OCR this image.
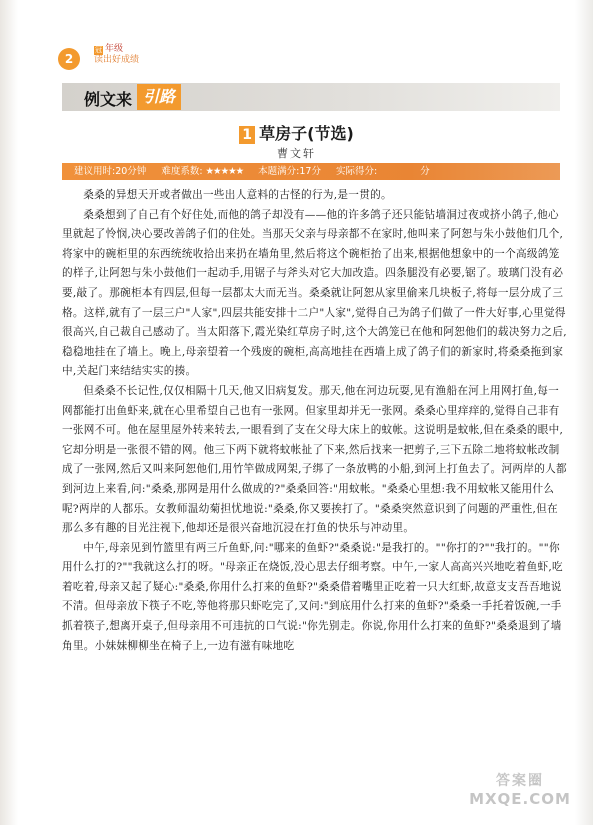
2
冠 年级
读出好成绩
例文来 引路
1 草房子(节选)
曹文轩
建议用时:20分钟 难度系数: ★★★★★ 本题满分:17分 实际得分:	分

桑桑的异想天开或者做出一些出人意料的古怪的行为,是一贯的。

桑桑想到了自己有个好住处,而他的鸽子却没有——他的许多鸽子还只能钻墙洞过夜或挤小鸽子,他心里就起了怜悯,决心要改善鸽子们的住处。当那天父亲与母亲都不在家时,他叫来了阿恕与朱小鼓他们几个,将家中的碗柜里的东西统统收拾出来扔在墙角里,然后将这个碗柜抬了出来,根据他想象中的一个高级鸽笼的样子,让阿恕与朱小鼓他们一起动手,用锯子与斧头对它大加改造。四条腿没有必要,锯了。玻璃门没有必要,敲了。那碗柜本有四层,但每一层都太大而无当。桑桑就让阿恕从家里偷来几块板子,将每一层分成了三格。这样,就有了一层三户"人家",四层共能安排十二户"人家",觉得自己为鸽子们做了一件大好事,心里觉得很高兴,自己裁自己感动了。当太阳落下,霞光染红草房子时,这个大鸽笼已在他和阿恕他们的载决努力之后,稳稳地挂在了墙上。晚上,母亲望着一个残废的碗柜,高高地挂在西墙上成了鸽子们的新家时,将桑桑拖到家中,关起门来结结实实的揍。

但桑桑不长记性,仅仅相隔十几天,他又旧病复发。那天,他在河边玩耍,见有渔船在河上用网打鱼,每一网都能打出鱼虾来,就在心里希望自己也有一张网。但家里却并无一张网。桑桑心里痒痒的,觉得自己非有一张网不可。他在屋里屋外转来转去,一眼看到了支在父母大床上的蚊帐。这说明是蚊帐,但在桑桑的眼中,它却分明是一张很不错的网。他三下两下就将蚊帐扯了下来,然后找来一把剪子,三下五除二地将蚊帐改制成了一张网,然后又叫来阿恕他们,用竹竿做成网架,子绑了一条放鸭的小船,到河上打鱼去了。河两岸的人都到河边上来看,问:"桑桑,那网是用什么做成的?"桑桑回答:"用蚊帐。"桑桑心里想:我不用蚊帐又能用什么呢?两岸的人都乐。女教师温幼菊担忧地说:"桑桑,你又要挨打了。"桑桑突然意识到了问题的严重性,但在那么多有趣的目光注视下,他却还是很兴奋地沉浸在打鱼的快乐与冲动里。

中午,母亲见到竹篮里有两三斤鱼虾,问:"哪来的鱼虾?"桑桑说:"是我打的。""你打的?""我打的。""你用什么打的?""我就这么打的呀。"母亲正在烧饭,没心思去仔细考察。中午,一家人高高兴兴地吃着鱼虾,吃着吃着,母亲又起了疑心:"桑桑,你用什么打来的鱼虾?"桑桑借着嘴里正吃着一只大红虾,故意支支吾吾地说不清。但母亲放下筷子不吃,等他将那只虾吃完了,又问:"到底用什么打来的鱼虾?"桑桑一手托着饭碗,一手抓着筷子,想离开桌子,但母亲用不可违抗的口气说:"你先别走。你说,你用什么打来的鱼虾?"桑桑退到了墙角里。小妹妹柳柳坐在椅子上,一边有滋有味地吃

答案圈
MXQE.COM
